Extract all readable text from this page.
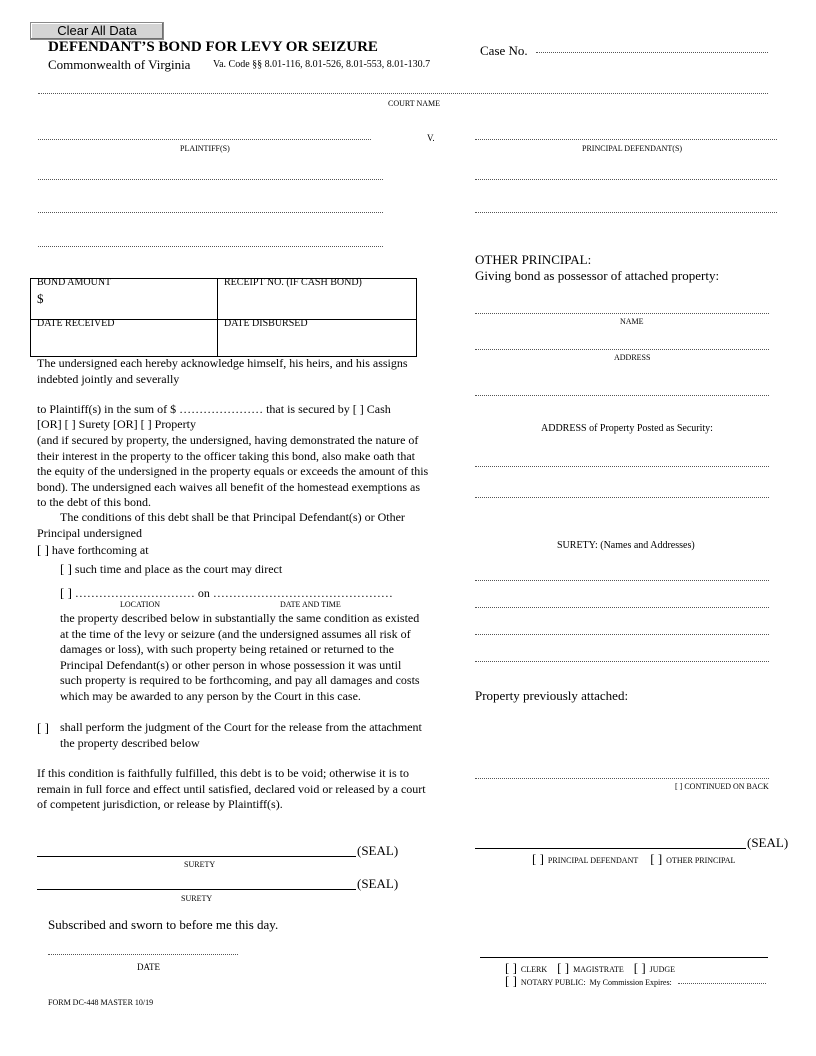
Clear All Data
DEFENDANT’S BOND FOR LEVY OR SEIZURE
Commonwealth of Virginia Va. Code §§ 8.01-116, 8.01-526, 8.01-553, 8.01-130.7
Case No.
COURT NAME
PLAINTIFF(S)
V.
PRINCIPAL DEFENDANT(S)
BOND AMOUNT
$
RECEIPT NO. (IF CASH BOND)
DATE RECEIVED	DATE DISBURSED
The undersigned each hereby acknowledge himself, his heirs, and his assigns indebted jointly and severally
to Plaintiff(s) in the sum of $ ………………… that is secured by [ ] Cash
[OR] [ ] Surety [OR] [ ] Property
(and if secured by property, the undersigned, having demonstrated the nature of their interest in the property to the officer taking this bond, also make oath that the equity of the undersigned in the property equals or exceeds the amount of this bond). The undersigned each waives all benefit of the homestead exemptions as to the debt of this bond.
The conditions of this debt shall be that Principal Defendant(s) or Other Principal undersigned
[ ] have forthcoming at
[ ] such time and place as the court may direct
[ ] ………………………… on ………………………………………
LOCATION	DATE AND TIME
the property described below in substantially the same condition as existed at the time of the levy or seizure (and the undersigned assumes all risk of damages or loss), with such property being retained or returned to the Principal Defendant(s) or other person in whose possession it was until such property is required to be forthcoming, and pay all damages and costs which may be awarded to any person by the Court in this case.
[ ] shall perform the judgment of the Court for the release from the attachment the property described below
If this condition is faithfully fulfilled, this debt is to be void; otherwise it is to remain in full force and effect until satisfied, declared void or released by a court of competent jurisdiction, or release by Plaintiff(s).
(SEAL)
SURETY
(SEAL)
SURETY
Subscribed and sworn to before me this day.
DATE
FORM DC-448 MASTER 10/19
OTHER PRINCIPAL:
Giving bond as possessor of attached property:
NAME
ADDRESS
ADDRESS of Property Posted as Security:
SURETY: (Names and Addresses)
Property previously attached:
[ ] CONTINUED ON BACK
(SEAL)
[ ] PRINCIPAL DEFENDANT [ ] OTHER PRINCIPAL
[ ] CLERK [ ] MAGISTRATE [ ] JUDGE
[ ] NOTARY PUBLIC: My Commission Expires:
